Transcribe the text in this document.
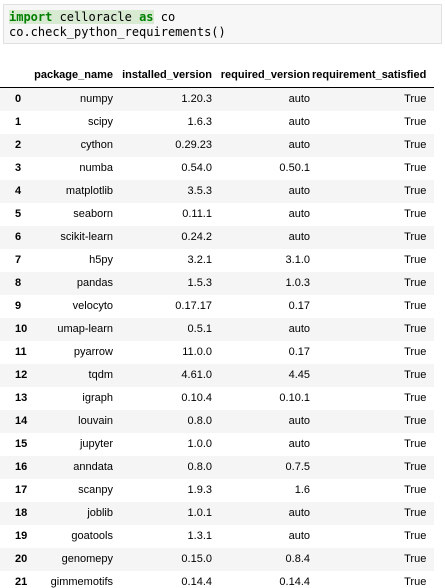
import celloracle as co
co.check_python_requirements()
	package_name	installed_version	required_version	requirement_satisfied
0	numpy	1.20.3	auto	True
1	scipy	1.6.3	auto	True
2	cython	0.29.23	auto	True
3	numba	0.54.0	0.50.1	True
4	matplotlib	3.5.3	auto	True
5	seaborn	0.11.1	auto	True
6	scikit-learn	0.24.2	auto	True
7	h5py	3.2.1	3.1.0	True
8	pandas	1.5.3	1.0.3	True
9	velocyto	0.17.17	0.17	True
10	umap-learn	0.5.1	auto	True
11	pyarrow	11.0.0	0.17	True
12	tqdm	4.61.0	4.45	True
13	igraph	0.10.4	0.10.1	True
14	louvain	0.8.0	auto	True
15	jupyter	1.0.0	auto	True
16	anndata	0.8.0	0.7.5	True
17	scanpy	1.9.3	1.6	True
18	joblib	1.0.1	auto	True
19	goatools	1.3.1	auto	True
20	genomepy	0.15.0	0.8.4	True
21	gimmemotifs	0.14.4	0.14.4	True
